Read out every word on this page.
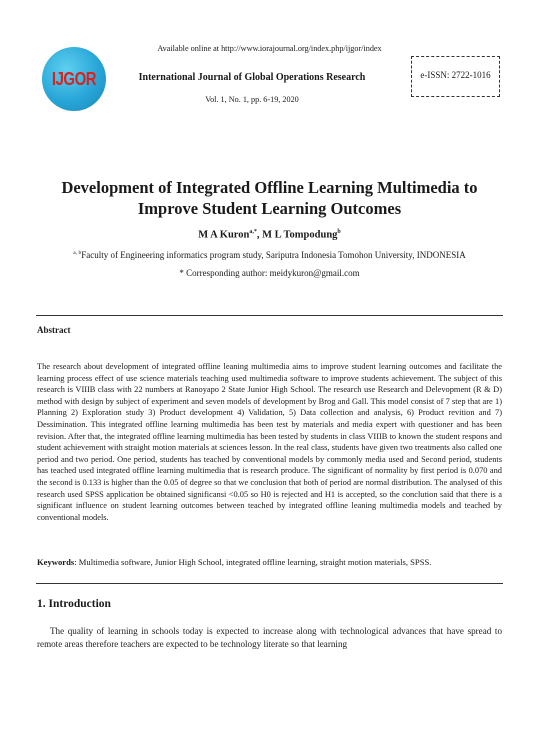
IJGOR
Available online at http://www.iorajournal.org/index.php/ijgor/index
International Journal of Global Operations Research
Vol. 1, No. 1, pp. 6-19, 2020
e-ISSN: 2722-1016
Development of Integrated Offline Learning Multimedia to Improve Student Learning Outcomes
M A Kuron$^{a,*}$, M L Tompodung$^b$
$^{a, b}$Faculty of Engineering informatics program study, Sariputra Indonesia Tomohon University, INDONESIA
* Corresponding author: meidykuron@gmail.com
Abstract

The research about development of integrated offline leaning multimedia aims to improve student learning outcomes and facilitate the learning process effect of use science materials teaching used multimedia software to improve students achievement. The subject of this research is VIIIB class with 22 numbers at Ranoyapo 2 State Junior High School. The research use Research and Delevopment (R & D) method with design by subject of experiment and seven models of development by Brog and Gall. This model consist of 7 step that are 1) Planning 2) Exploration study 3) Product development 4) Validation, 5) Data collection and analysis, 6) Product revition and 7) Dessimination. This integrated offline learning multimedia has been test by materials and media expert with questioner and has been revision. After that, the integrated offline learning multimedia has been tested by students in class VIIIB to known the student respons and student achievement with straight motion materials at sciences lesson. In the real class, students have given two treatments also called one period and two period. One period, students has teached by conventional models by commonly media used and Second period, students has teached used integrated offline learning multimedia that is research produce. The significant of normality by first period is 0.070 and the second is 0.133 is higher than the 0.05 of degree so that we conclusion that both of period are normal distribution. The analysed of this research used SPSS application be obtained significansi <0.05 so H0 is rejected and H1 is accepted, so the conclution said that there is a significant influence on student learning outcomes between teached by integrated offline leaning multimedia models and teached by conventional models.

Keywords: Multimedia software, Junior High School, integrated offline learning, straight motion materials, SPSS.

1. Introduction

The quality of learning in schools today is expected to increase along with technological advances that have spread to remote areas therefore teachers are expected to be technology literate so that learning
